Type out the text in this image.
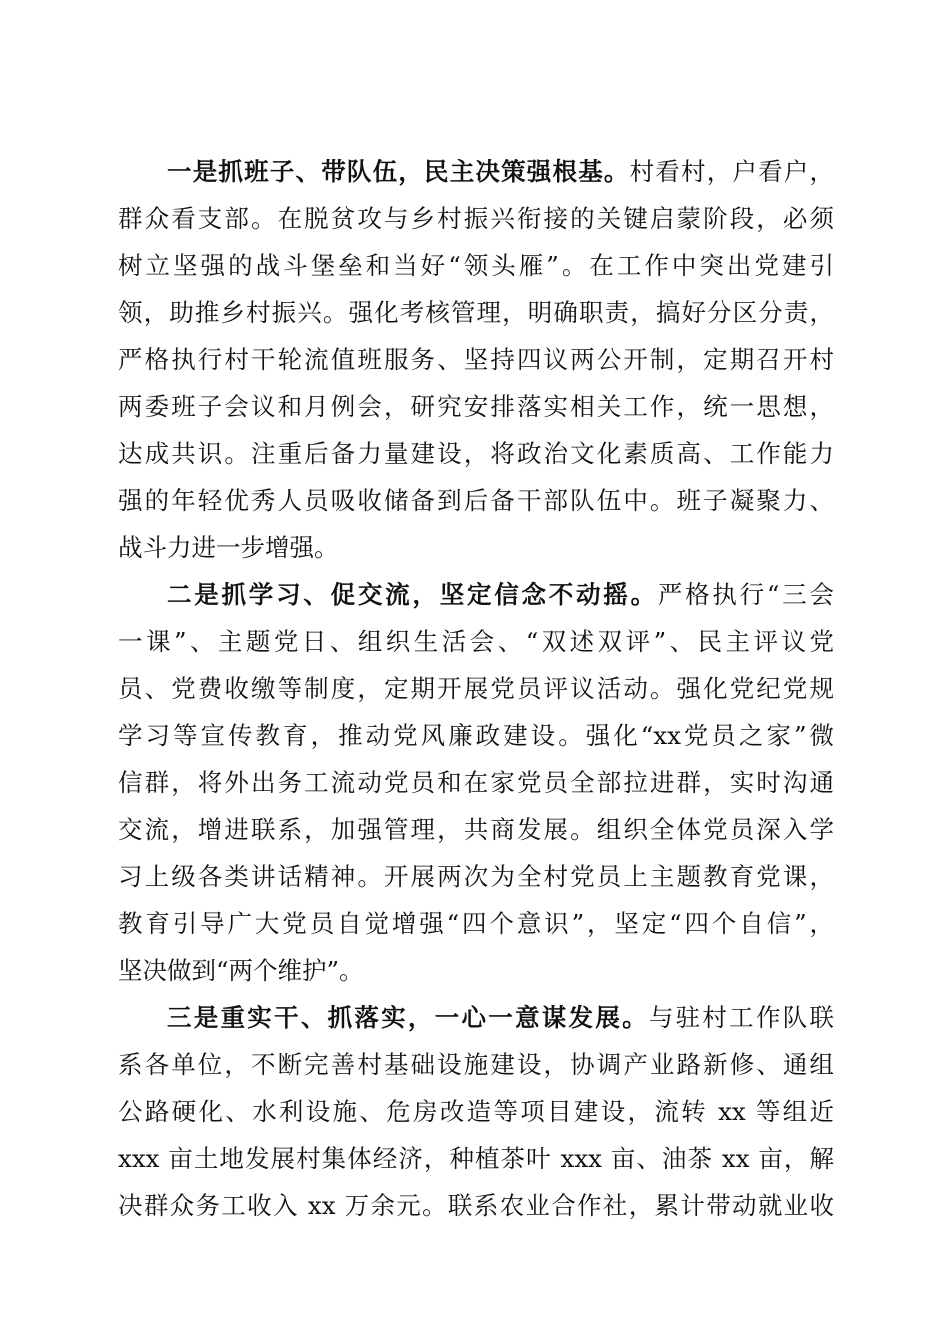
一是抓班子、带队伍，民主决策强根基。村看村，户看户，
群众看支部。在脱贫攻与乡村振兴衔接的关键启蒙阶段，必须
树立坚强的战斗堡垒和当好“领头雁”。在工作中突出党建引
领，助推乡村振兴。强化考核管理，明确职责，搞好分区分责，
严格执行村干轮流值班服务、坚持四议两公开制，定期召开村
两委班子会议和月例会，研究安排落实相关工作，统一思想，
达成共识。注重后备力量建设，将政治文化素质高、工作能力
强的年轻优秀人员吸收储备到后备干部队伍中。班子凝聚力、
战斗力进一步增强。
二是抓学习、促交流，坚定信念不动摇。严格执行“三会
一课”、主题党日、组织生活会、“双述双评”、民主评议党
员、党费收缴等制度，定期开展党员评议活动。强化党纪党规
学习等宣传教育，推动党风廉政建设。强化“xx党员之家”微
信群，将外出务工流动党员和在家党员全部拉进群，实时沟通
交流，增进联系，加强管理，共商发展。组织全体党员深入学
习上级各类讲话精神。开展两次为全村党员上主题教育党课，
教育引导广大党员自觉增强“四个意识”，坚定“四个自信”，
坚决做到“两个维护”。
三是重实干、抓落实，一心一意谋发展。与驻村工作队联
系各单位，不断完善村基础设施建设，协调产业路新修、通组
公路硬化、水利设施、危房改造等项目建设，流转 xx 等组近
xxx 亩土地发展村集体经济，种植茶叶 xxx 亩、油茶 xx 亩，解
决群众务工收入 xx 万余元。联系农业合作社，累计带动就业收
